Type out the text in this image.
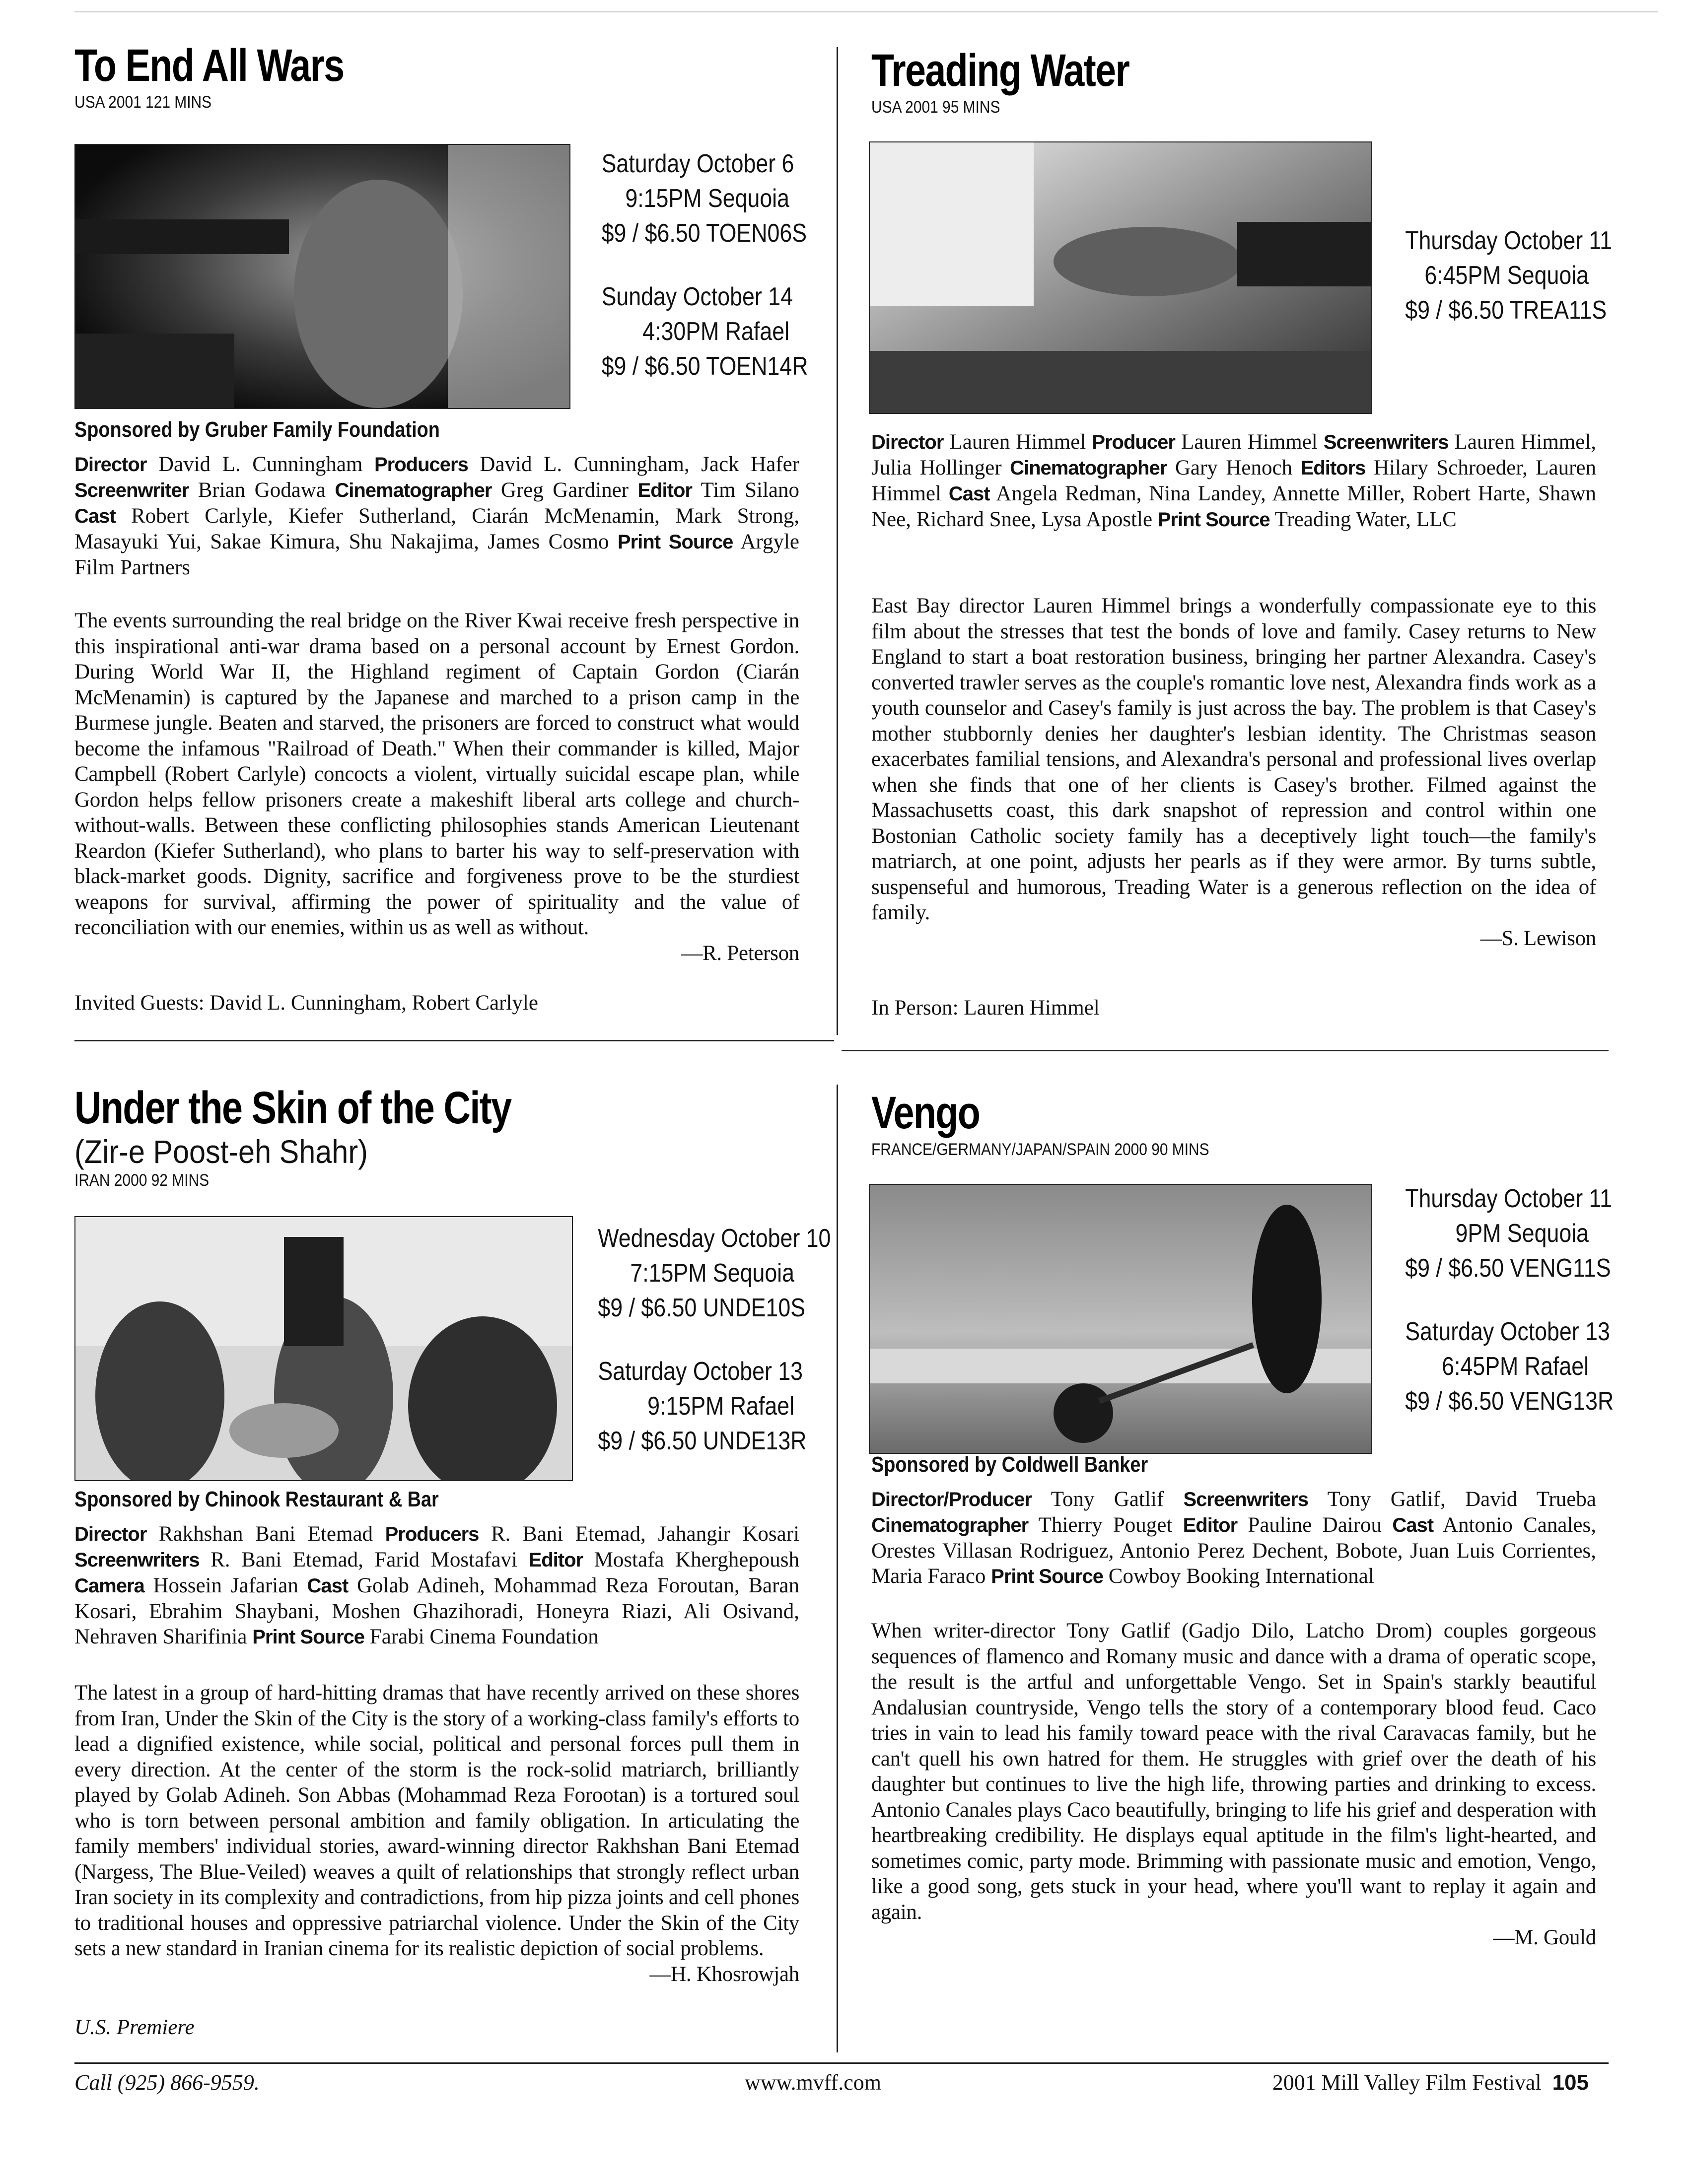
To End All Wars
USA 2001 121 MINS
Saturday October 6
9:15PM Sequoia
$9 / $6.50 TOEN06S
Sunday October 14
4:30PM Rafael
$9 / $6.50 TOEN14R
Sponsored by Gruber Family Foundation
Director David L. Cunningham Producers David L. Cunningham, Jack Hafer Screenwriter Brian Godawa Cinematographer Greg Gardiner Editor Tim Silano Cast Robert Carlyle, Kiefer Sutherland, Ciarán McMenamin, Mark Strong, Masayuki Yui, Sakae Kimura, Shu Nakajima, James Cosmo Print Source Argyle Film Partners
The events surrounding the real bridge on the River Kwai receive fresh perspective in this inspirational anti-war drama based on a personal account by Ernest Gordon. During World War II, the Highland regiment of Captain Gordon (Ciarán McMenamin) is captured by the Japanese and marched to a prison camp in the Burmese jungle. Beaten and starved, the prisoners are forced to construct what would become the infamous "Railroad of Death." When their commander is killed, Major Campbell (Robert Carlyle) concocts a violent, virtually suicidal escape plan, while Gordon helps fellow prisoners create a makeshift liberal arts college and church-without-walls. Between these conflicting philosophies stands American Lieutenant Reardon (Kiefer Sutherland), who plans to barter his way to self-preservation with black-market goods. Dignity, sacrifice and forgiveness prove to be the sturdiest weapons for survival, affirming the power of spirituality and the value of reconciliation with our enemies, within us as well as without.
—R. Peterson
Invited Guests: David L. Cunningham, Robert Carlyle
Treading Water
USA 2001 95 MINS
Thursday October 11
6:45PM Sequoia
$9 / $6.50 TREA11S
Director Lauren Himmel Producer Lauren Himmel Screenwriters Lauren Himmel, Julia Hollinger Cinematographer Gary Henoch Editors Hilary Schroeder, Lauren Himmel Cast Angela Redman, Nina Landey, Annette Miller, Robert Harte, Shawn Nee, Richard Snee, Lysa Apostle Print Source Treading Water, LLC
East Bay director Lauren Himmel brings a wonderfully compassionate eye to this film about the stresses that test the bonds of love and family. Casey returns to New England to start a boat restoration business, bringing her partner Alexandra. Casey's converted trawler serves as the couple's romantic love nest, Alexandra finds work as a youth counselor and Casey's family is just across the bay. The problem is that Casey's mother stubbornly denies her daughter's lesbian identity. The Christmas season exacerbates familial tensions, and Alexandra's personal and professional lives overlap when she finds that one of her clients is Casey's brother. Filmed against the Massachusetts coast, this dark snapshot of repression and control within one Bostonian Catholic society family has a deceptively light touch—the family's matriarch, at one point, adjusts her pearls as if they were armor. By turns subtle, suspenseful and humorous, Treading Water is a generous reflection on the idea of family.
—S. Lewison
In Person: Lauren Himmel
Under the Skin of the City
(Zir-e Poost-eh Shahr)
IRAN 2000 92 MINS
Wednesday October 10
7:15PM Sequoia
$9 / $6.50 UNDE10S
Saturday October 13
9:15PM Rafael
$9 / $6.50 UNDE13R
Sponsored by Chinook Restaurant & Bar
Director Rakhshan Bani Etemad Producers R. Bani Etemad, Jahangir Kosari Screenwriters R. Bani Etemad, Farid Mostafavi Editor Mostafa Kherghepoush Camera Hossein Jafarian Cast Golab Adineh, Mohammad Reza Foroutan, Baran Kosari, Ebrahim Shaybani, Moshen Ghazihoradi, Honeyra Riazi, Ali Osivand, Nehraven Sharifinia Print Source Farabi Cinema Foundation
The latest in a group of hard-hitting dramas that have recently arrived on these shores from Iran, Under the Skin of the City is the story of a working-class family's efforts to lead a dignified existence, while social, political and personal forces pull them in every direction. At the center of the storm is the rock-solid matriarch, brilliantly played by Golab Adineh. Son Abbas (Mohammad Reza Forootan) is a tortured soul who is torn between personal ambition and family obligation. In articulating the family members' individual stories, award-winning director Rakhshan Bani Etemad (Nargess, The Blue-Veiled) weaves a quilt of relationships that strongly reflect urban Iran society in its complexity and contradictions, from hip pizza joints and cell phones to traditional houses and oppressive patriarchal violence. Under the Skin of the City sets a new standard in Iranian cinema for its realistic depiction of social problems.
—H. Khosrowjah
U.S. Premiere
Vengo
FRANCE/GERMANY/JAPAN/SPAIN 2000 90 MINS
Thursday October 11
9PM Sequoia
$9 / $6.50 VENG11S
Saturday October 13
6:45PM Rafael
$9 / $6.50 VENG13R
Sponsored by Coldwell Banker
Director/Producer Tony Gatlif Screenwriters Tony Gatlif, David Trueba Cinematographer Thierry Pouget Editor Pauline Dairou Cast Antonio Canales, Orestes Villasan Rodriguez, Antonio Perez Dechent, Bobote, Juan Luis Corrientes, Maria Faraco Print Source Cowboy Booking International
When writer-director Tony Gatlif (Gadjo Dilo, Latcho Drom) couples gorgeous sequences of flamenco and Romany music and dance with a drama of operatic scope, the result is the artful and unforgettable Vengo. Set in Spain's starkly beautiful Andalusian countryside, Vengo tells the story of a contemporary blood feud. Caco tries in vain to lead his family toward peace with the rival Caravacas family, but he can't quell his own hatred for them. He struggles with grief over the death of his daughter but continues to live the high life, throwing parties and drinking to excess. Antonio Canales plays Caco beautifully, bringing to life his grief and desperation with heartbreaking credibility. He displays equal aptitude in the film's light-hearted, and sometimes comic, party mode. Brimming with passionate music and emotion, Vengo, like a good song, gets stuck in your head, where you'll want to replay it again and again.
—M. Gould
Call (925) 866-9559.	www.mvff.com	2001 Mill Valley Film Festival 105
